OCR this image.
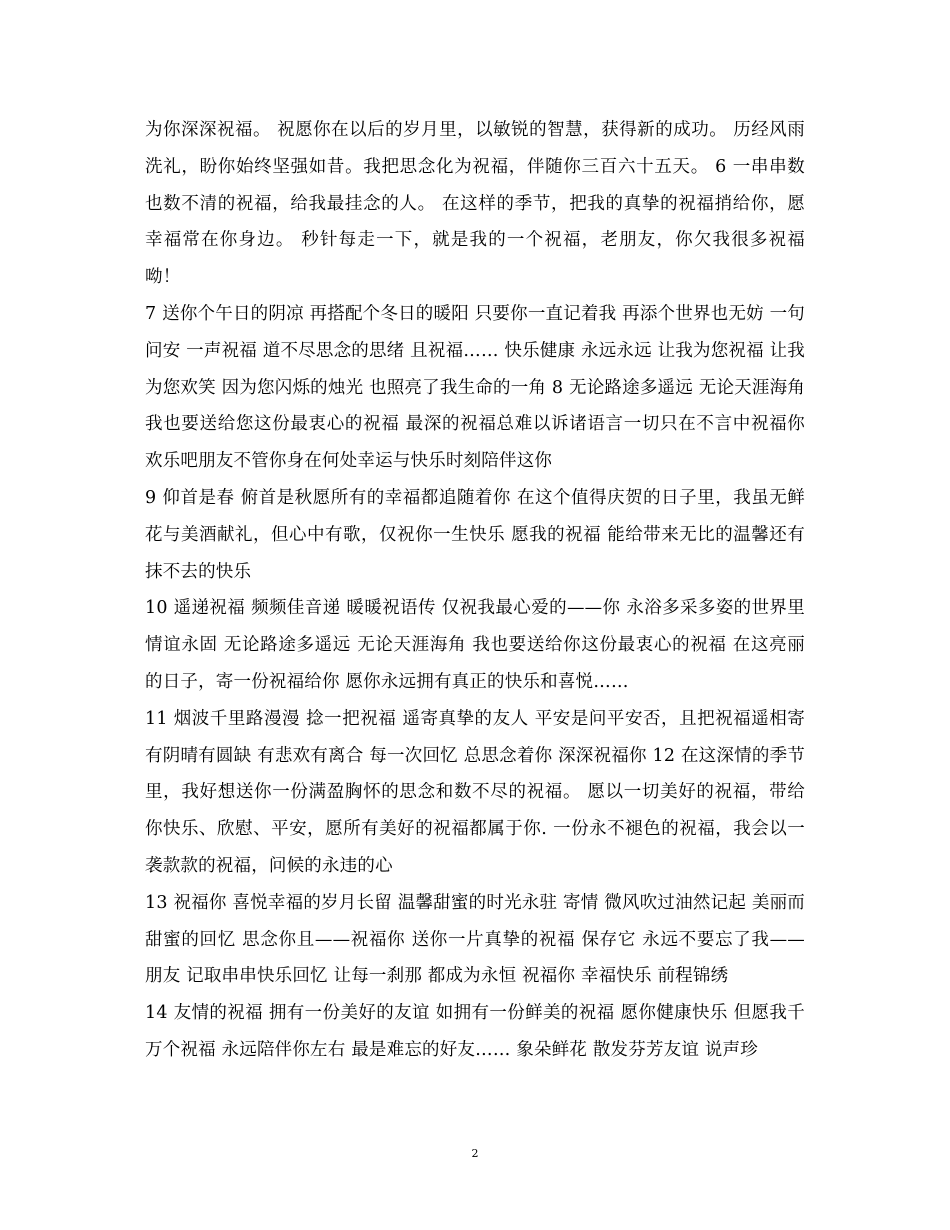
为你深深祝福。 祝愿你在以后的岁月里，以敏锐的智慧，获得新的成功。 历经风雨洗礼，盼你始终坚强如昔。我把思念化为祝福，伴随你三百六十五天。 6 一串串数也数不清的祝福，给我最挂念的人。 在这样的季节，把我的真挚的祝福捎给你，愿幸福常在你身边。 秒针每走一下，就是我的一个祝福，老朋友，你欠我很多祝福呦！

7 送你个午日的阴凉 再搭配个冬日的暖阳 只要你一直记着我 再添个世界也无妨 一句问安 一声祝福 道不尽思念的思绪 且祝福…… 快乐健康 永远永远 让我为您祝福 让我为您欢笑 因为您闪烁的烛光 也照亮了我生命的一角 8 无论路途多遥远 无论天涯海角 我也要送给您这份最衷心的祝福 最深的祝福总难以诉诸语言一切只在不言中祝福你 欢乐吧朋友不管你身在何处幸运与快乐时刻陪伴这你

9 仰首是春 俯首是秋愿所有的幸福都追随着你 在这个值得庆贺的日子里，我虽无鲜花与美酒献礼，但心中有歌，仅祝你一生快乐 愿我的祝福 能给带来无比的温馨还有抹不去的快乐

10 遥递祝福 频频佳音递 暖暖祝语传 仅祝我最心爱的——你 永浴多采多姿的世界里 情谊永固 无论路途多遥远 无论天涯海角 我也要送给你这份最衷心的祝福 在这亮丽的日子，寄一份祝福给你 愿你永远拥有真正的快乐和喜悦……

11 烟波千里路漫漫 捻一把祝福 遥寄真挚的友人 平安是问平安否，且把祝福遥相寄 有阴晴有圆缺 有悲欢有离合 每一次回忆 总思念着你 深深祝福你 12 在这深情的季节里，我好想送你一份满盈胸怀的思念和数不尽的祝福。 愿以一切美好的祝福，带给你快乐、欣慰、平安，愿所有美好的祝福都属于你. 一份永不褪色的祝福，我会以一袭款款的祝福，问候的永违的心

13 祝福你 喜悦幸福的岁月长留 温馨甜蜜的时光永驻 寄情 微风吹过油然记起 美丽而甜蜜的回忆 思念你且——祝福你 送你一片真挚的祝福 保存它 永远不要忘了我—— 朋友 记取串串快乐回忆 让每一刹那 都成为永恒 祝福你 幸福快乐 前程锦绣

14 友情的祝福 拥有一份美好的友谊 如拥有一份鲜美的祝福 愿你健康快乐 但愿我千万个祝福 永远陪伴你左右 最是难忘的好友…… 象朵鲜花 散发芬芳友谊 说声珍

2
